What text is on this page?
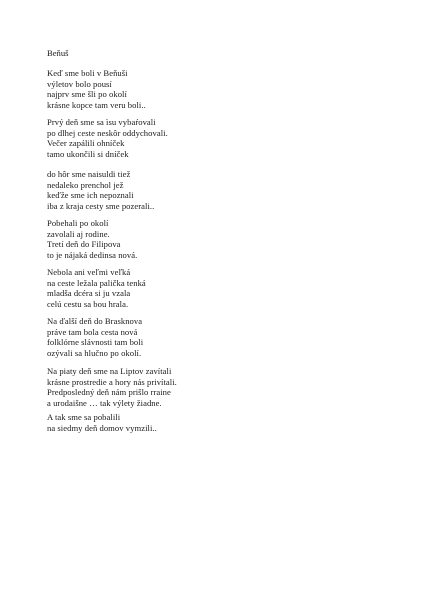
Beňuš
Keď sme boli v Beňuši
výletov bolo pousí
najprv sme šli po okolí
krásne kopce tam veru boli..
Prvý deň sme sa ìsu vybaŕovali
po dlhej ceste neskôr oddychovali.
Večer zapálili ohníček
tamo ukončili si dníček
do hôr sme naisuldi tiež
nedaleko prenchol jež
keďže sme ich nepoznali
iba z kraja cesty sme pozerali..
Pobehali po okolí
zavolali aj rodine.
Tretí deň do Filipova
to je nájaká dedinsa nová.
Nebola ani veľmi veľká
na ceste ležala palička tenká
mladša dcéra si ju vzala
celú cestu sa bou hrala.
Na ďalší deň do Brasknova
práve tam bola cesta nová
folklórne slávnosti tam boli
ozývali sa hlučno po okolí.
Na piaty deň sme na Liptov zavítali
krásne prostredie a hory nás privítali.
Predposledný deň nám prišlo rraine
a urodaišne … tak výlety žiadne.
A tak sme sa pobalili
na siedmy deň domov vymzili..
